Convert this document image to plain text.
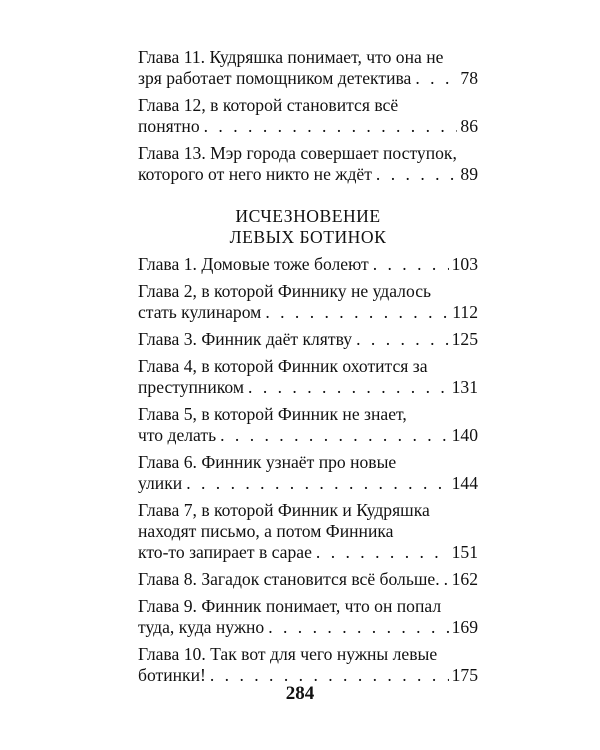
Глава 11. Кудряшка понимает, что она не
зря работает помощником детектива . . .	78
Глава 12, в которой становится всё
понятно . . .	86
Глава 13. Мэр города совершает поступок,
которого от него никто не ждёт . . .	89
ИСЧЕЗНОВЕНИЕ
ЛЕВЫХ БОТИНОК
Глава 1. Домовые тоже болеют . . .	103
Глава 2, в которой Финнику не удалось
стать кулинаром . . .	112
Глава 3. Финник даёт клятву . . .	125
Глава 4, в которой Финник охотится за
преступником . . .	131
Глава 5, в которой Финник не знает,
что делать . . .	140
Глава 6. Финник узнаёт про новые
улики . . .	144
Глава 7, в которой Финник и Кудряшка
находят письмо, а потом Финника
кто-то запирает в сарае . . .	151
Глава 8. Загадок становится всё больше. . . . 162
Глава 9. Финник понимает, что он попал
туда, куда нужно . . .	169
Глава 10. Так вот для чего нужны левые
ботинки! . . .	175
284
